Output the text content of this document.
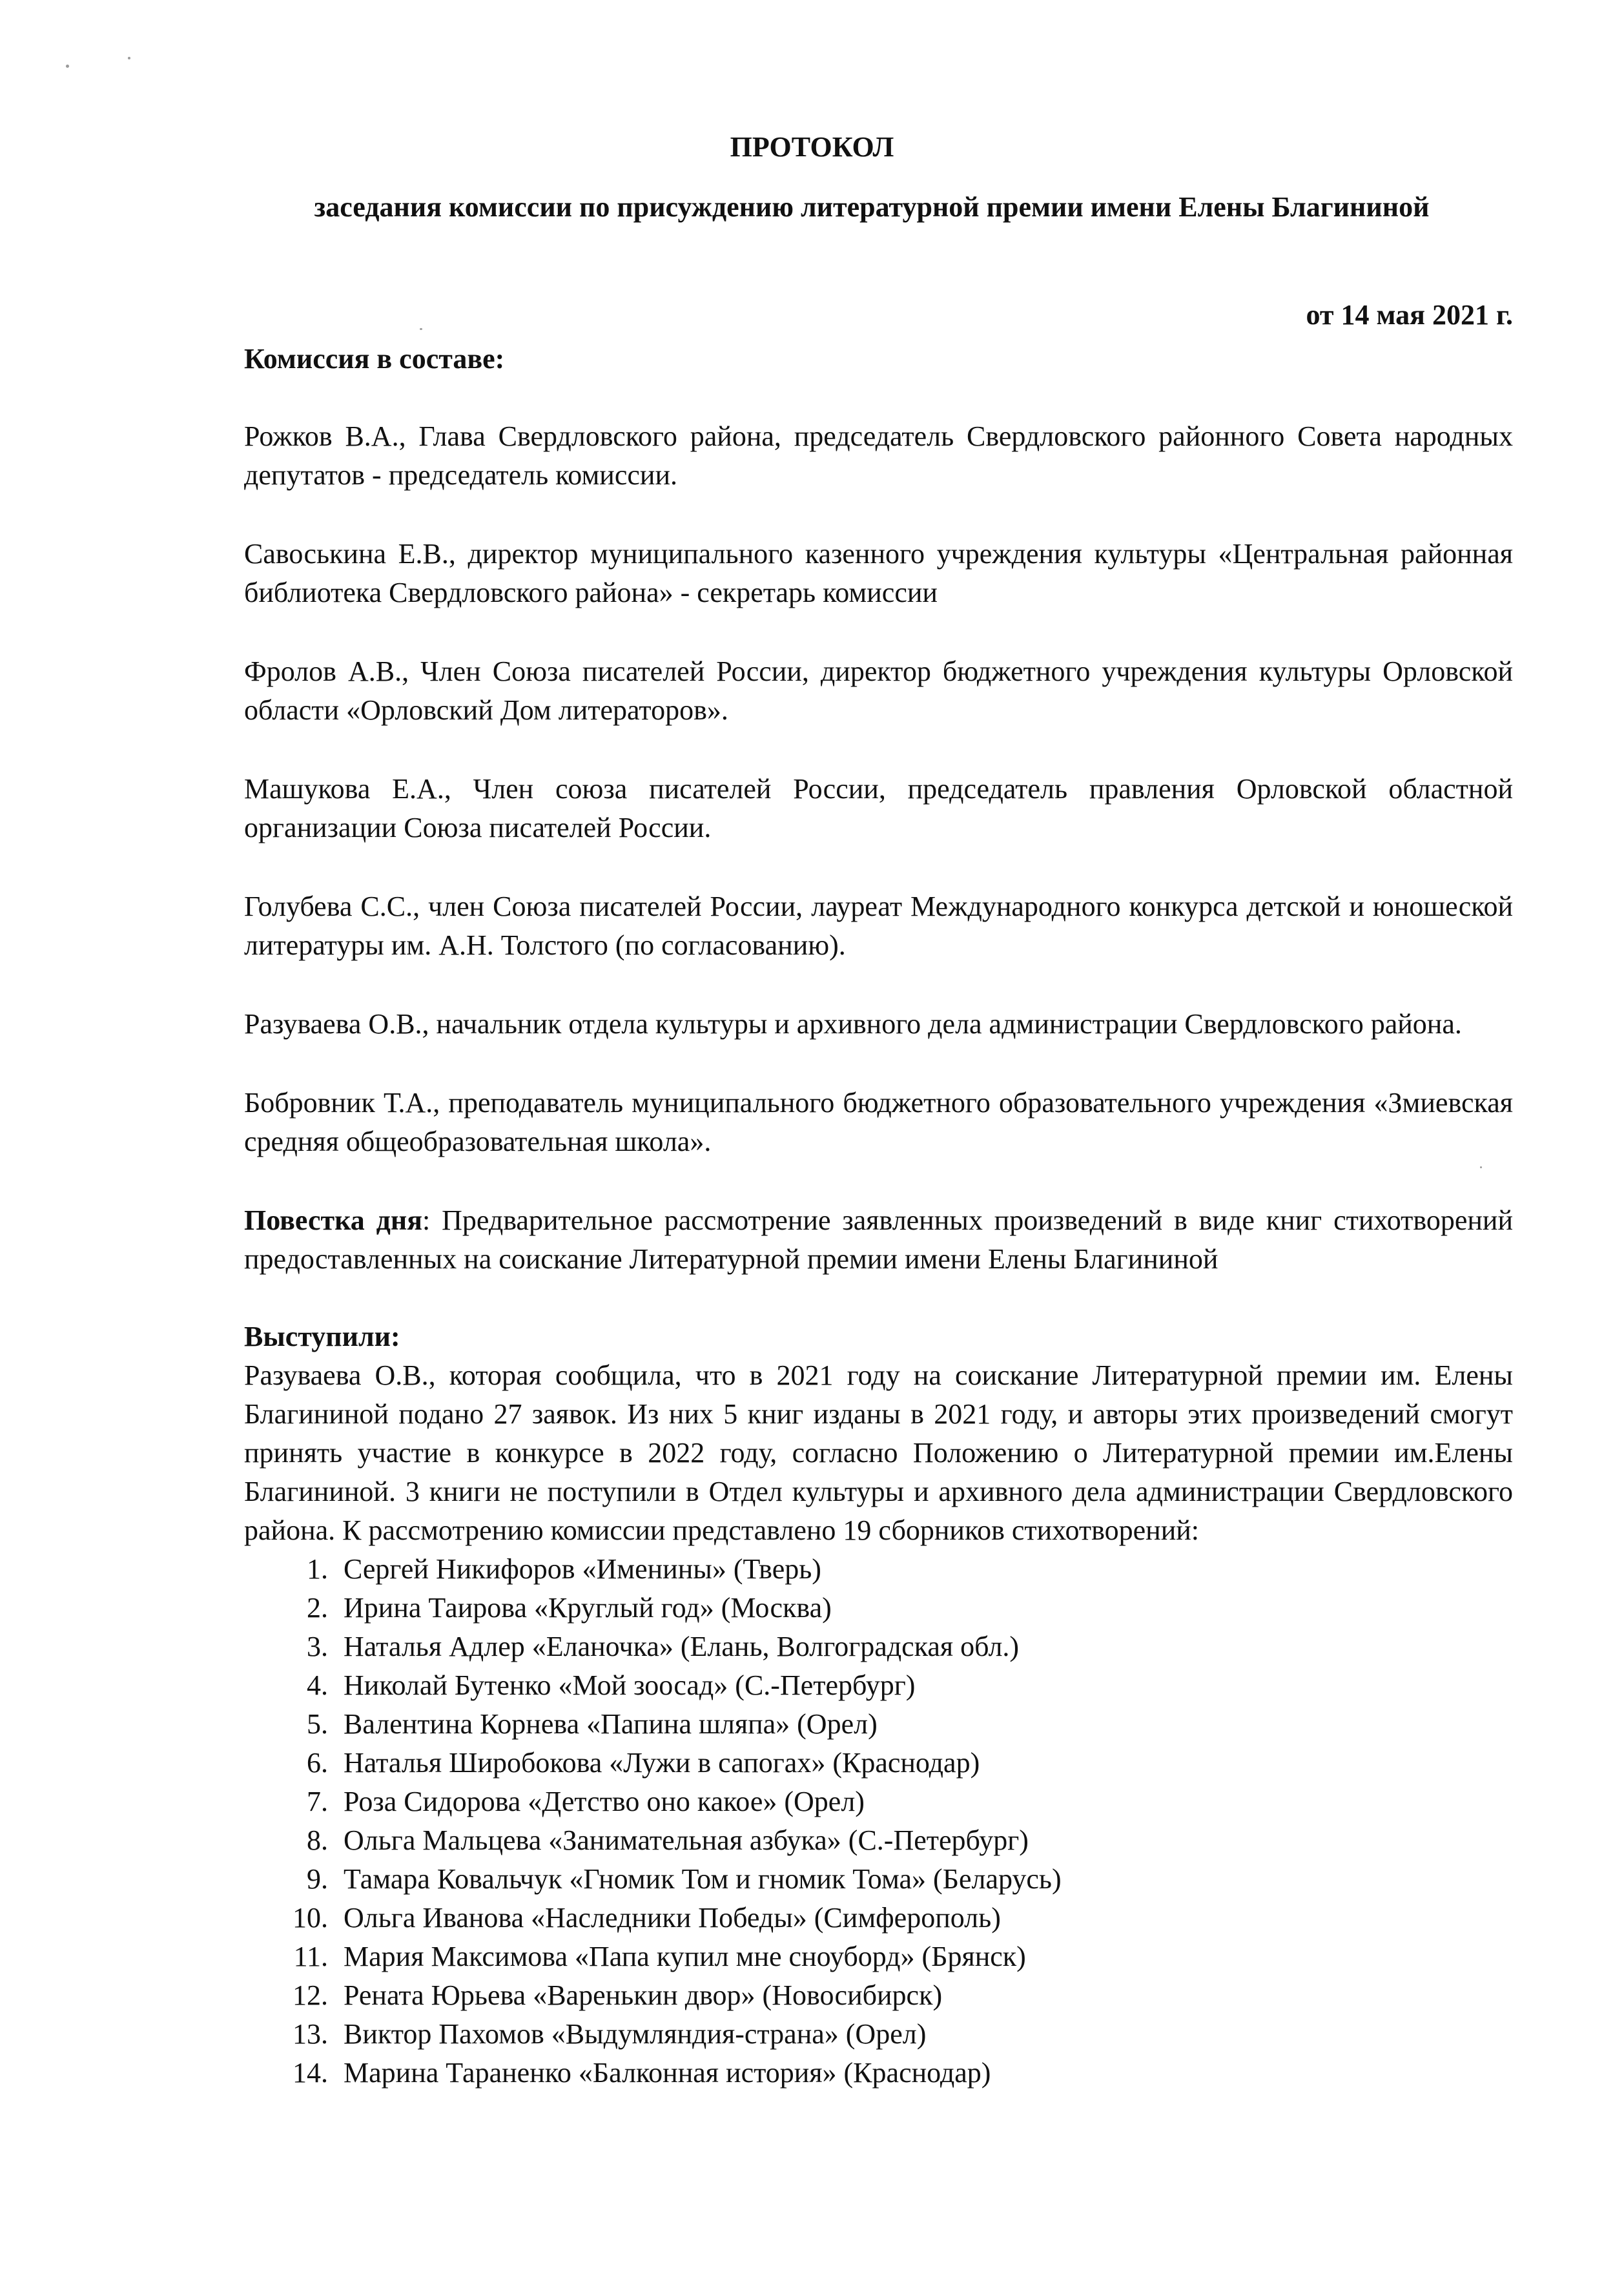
ПРОТОКОЛ
заседания комиссии по присуждению литературной премии имени Елены Благининой
от 14 мая 2021 г.

Комиссия в составе:

Рожков В.А., Глава Свердловского района, председатель Свердловского районного Совета народных депутатов - председатель комиссии.

Савоськина Е.В., директор муниципального казенного учреждения культуры «Центральная районная библиотека Свердловского района» - секретарь комиссии

Фролов А.В., Член Союза писателей России, директор бюджетного учреждения культуры Орловской области «Орловский Дом литераторов».

Машукова Е.А., Член союза писателей России, председатель правления Орловской областной организации Союза писателей России.

Голубева С.С., член Союза писателей России, лауреат Международного конкурса детской и юношеской литературы им. А.Н. Толстого (по согласованию).

Разуваева О.В., начальник отдела культуры и архивного дела администрации Свердловского района.

Бобровник Т.А., преподаватель муниципального бюджетного образовательного учреждения «Змиевская средняя общеобразовательная школа».

Повестка дня: Предварительное рассмотрение заявленных произведений в виде книг стихотворений предоставленных на соискание Литературной премии имени Елены Благининой

Выступили:

Разуваева О.В., которая сообщила, что в 2021 году на соискание Литературной премии им. Елены Благининой подано 27 заявок. Из них 5 книг изданы в 2021 году, и авторы этих произведений смогут принять участие в конкурсе в 2022 году, согласно Положению о Литературной премии им.Елены Благининой. 3 книги не поступили в Отдел культуры и архивного дела администрации Свердловского района. К рассмотрению комиссии представлено 19 сборников стихотворений:

1. Сергей Никифоров «Именины» (Тверь)
2. Ирина Таирова «Круглый год» (Москва)
3. Наталья Адлер «Еланочка» (Елань, Волгоградская обл.)
4. Николай Бутенко «Мой зоосад» (С.-Петербург)
5. Валентина Корнева «Папина шляпа» (Орел)
6. Наталья Широбокова «Лужи в сапогах» (Краснодар)
7. Роза Сидорова «Детство оно какое» (Орел)
8. Ольга Мальцева «Занимательная азбука» (С.-Петербург)
9. Тамара Ковальчук «Гномик Том и гномик Тома» (Беларусь)
10. Ольга Иванова «Наследники Победы» (Симферополь)
11. Мария Максимова «Папа купил мне сноуборд» (Брянск)
12. Рената Юрьева «Варенькин двор» (Новосибирск)
13. Виктор Пахомов «Выдумляндия-страна» (Орел)
14. Марина Тараненко «Балконная история» (Краснодар)
